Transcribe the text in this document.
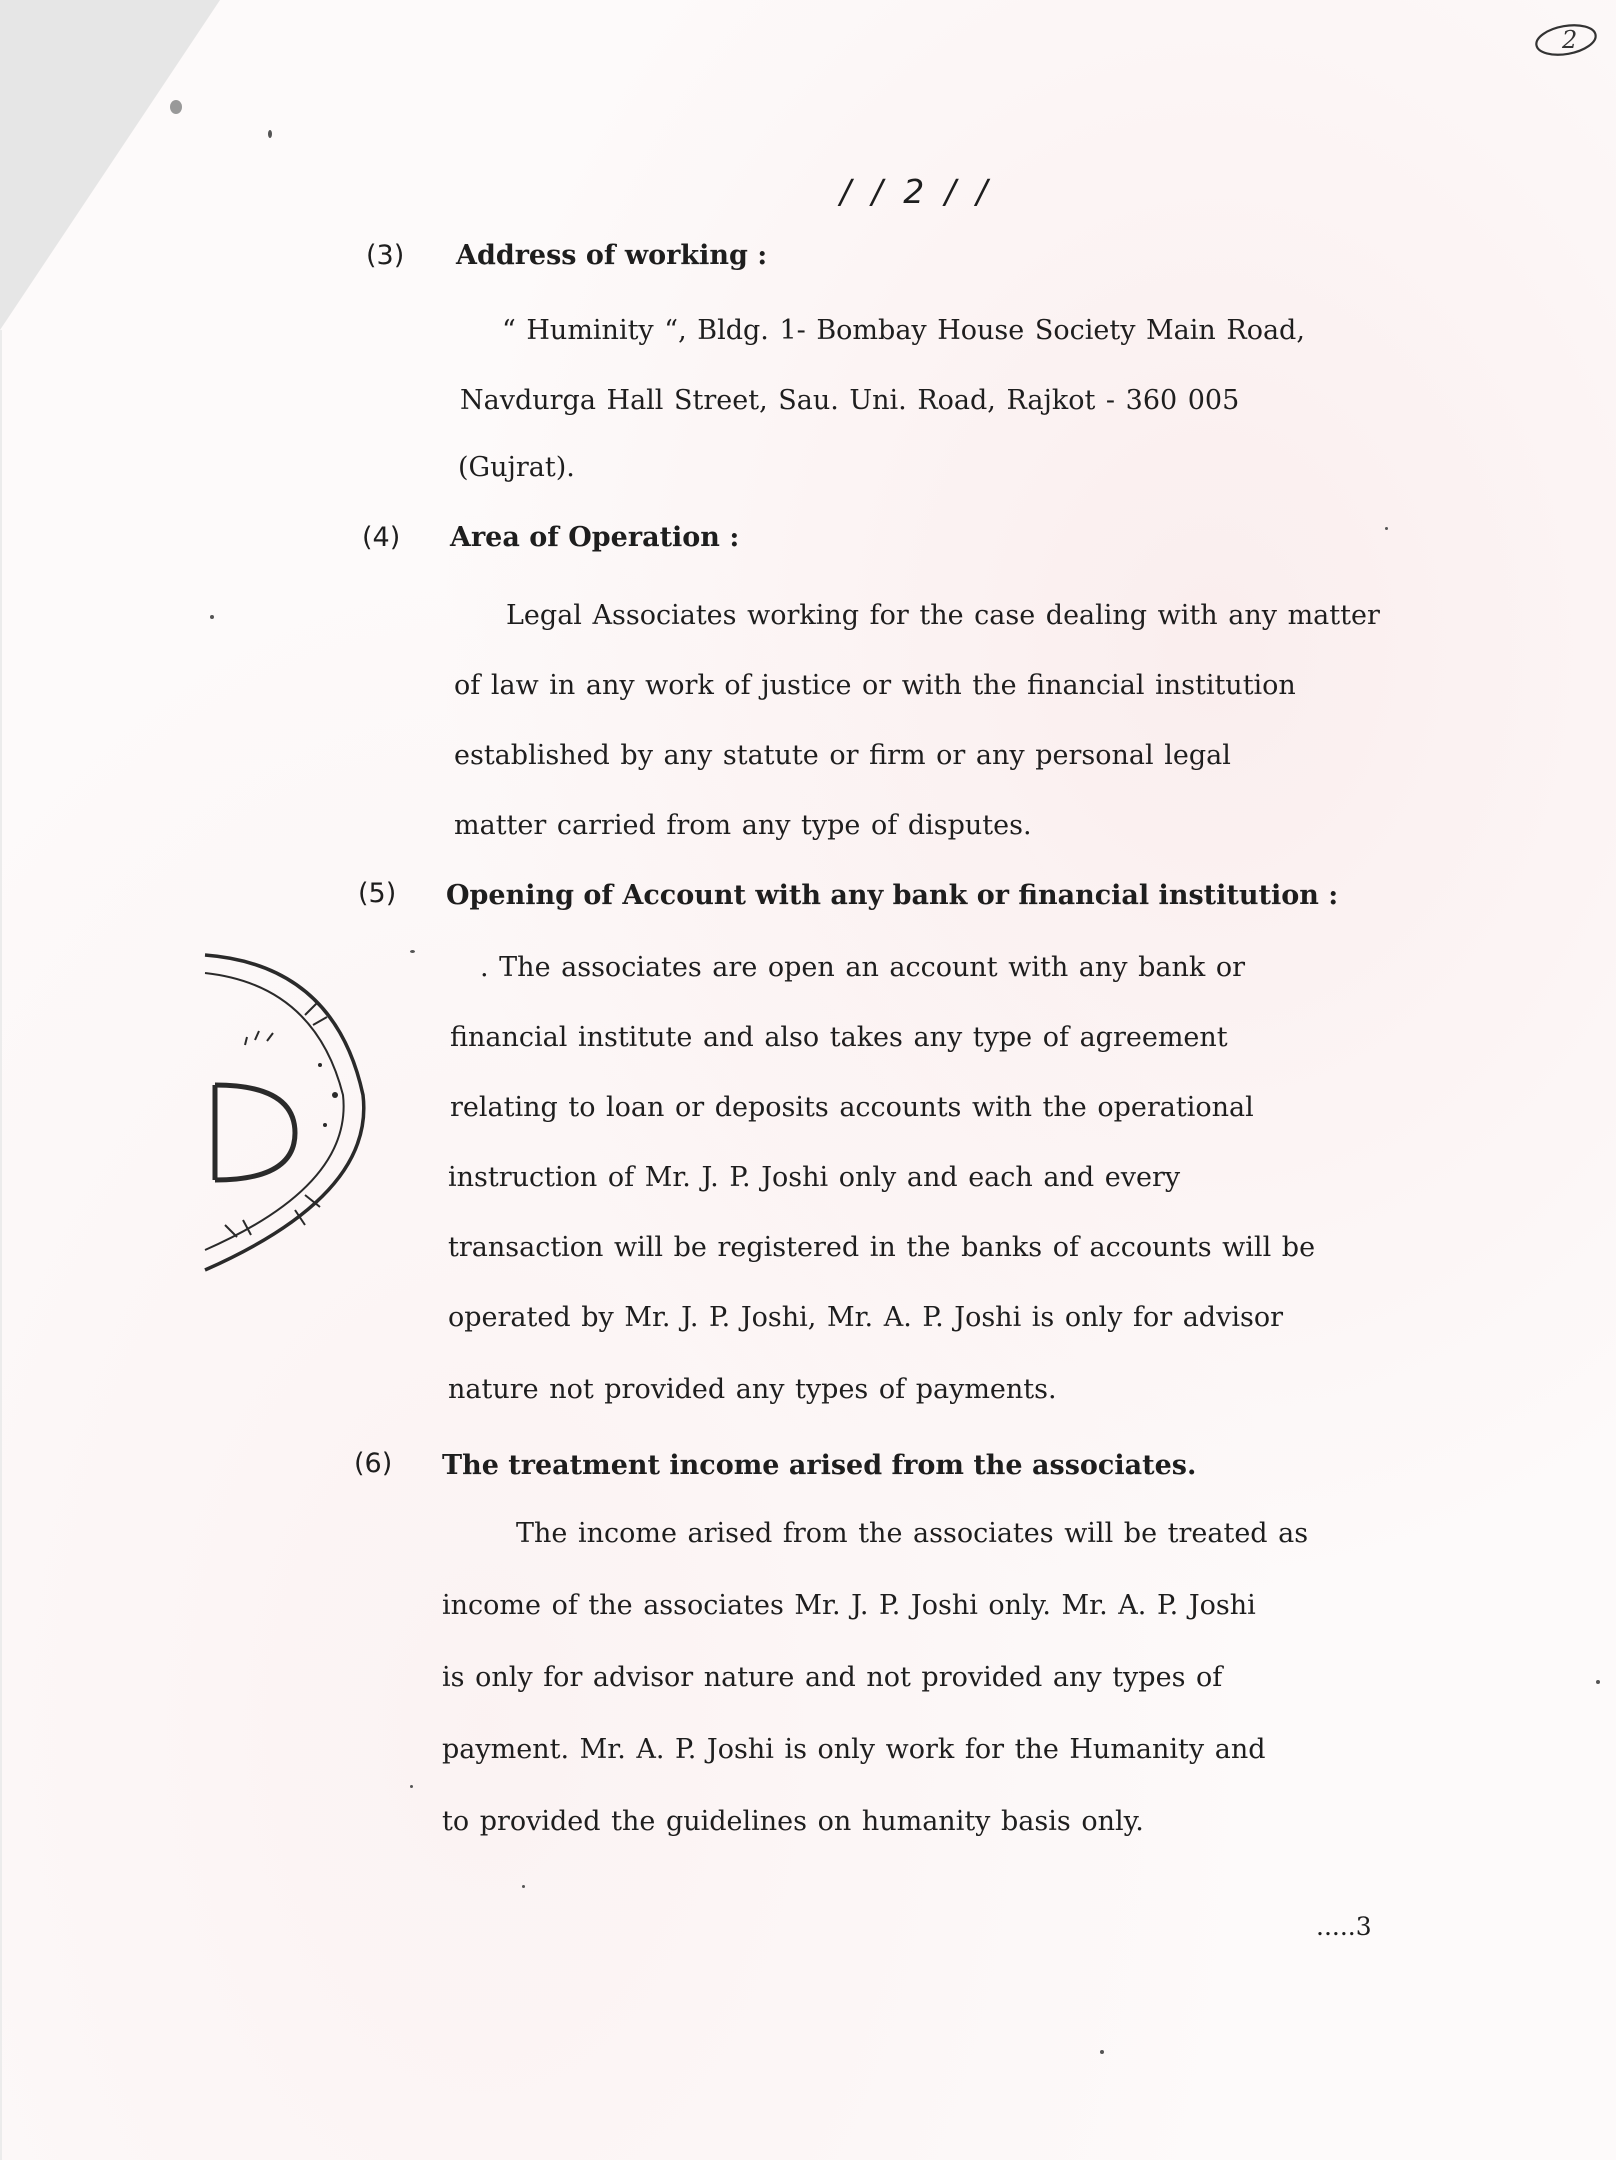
2
/ / 2 / /
(3) Address of working :
“ Huminity “, Bldg. 1- Bombay House Society Main Road,
Navdurga Hall Street, Sau. Uni. Road, Rajkot - 360 005
(Gujrat).
(4) Area of Operation :
Legal Associates working for the case dealing with any matter
of law in any work of justice or with the financial institution
established by any statute or firm or any personal legal
matter carried from any type of disputes.
(5) Opening of Account with any bank or financial institution :
. The associates are open an account with any bank or
financial institute and also takes any type of agreement
relating to loan or deposits accounts with the operational
instruction of Mr. J. P. Joshi only and each and every
transaction will be registered in the banks of accounts will be
operated by Mr. J. P. Joshi, Mr. A. P. Joshi is only for advisor
nature not provided any types of payments.
(6) The treatment income arised from the associates.
The income arised from the associates will be treated as
income of the associates Mr. J. P. Joshi only. Mr. A. P. Joshi
is only for advisor nature and not provided any types of
payment. Mr. A. P. Joshi is only work for the Humanity and
to provided the guidelines on humanity basis only.
.....3
